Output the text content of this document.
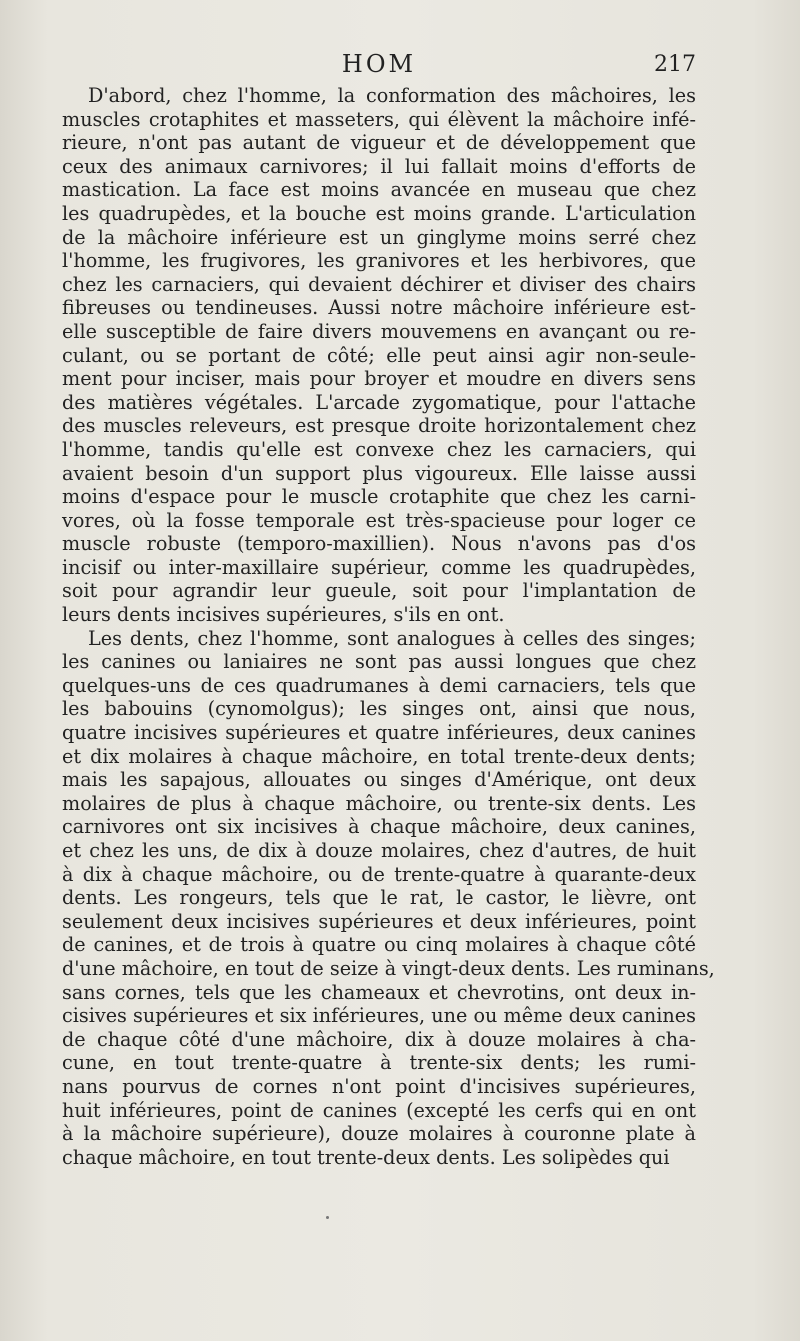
HOM	217
D'abord, chez l'homme, la conformation des mâchoires, les
muscles crotaphites et masseters, qui élèvent la mâchoire infé-
rieure, n'ont pas autant de vigueur et de développement que
ceux des animaux carnivores; il lui fallait moins d'efforts de
mastication. La face est moins avancée en museau que chez
les quadrupèdes, et la bouche est moins grande. L'articulation
de la mâchoire inférieure est un ginglyme moins serré chez
l'homme, les frugivores, les granivores et les herbivores, que
chez les carnaciers, qui devaient déchirer et diviser des chairs
fibreuses ou tendineuses. Aussi notre mâchoire inférieure est-
elle susceptible de faire divers mouvemens en avançant ou re-
culant, ou se portant de côté; elle peut ainsi agir non-seule-
ment pour inciser, mais pour broyer et moudre en divers sens
des matières végétales. L'arcade zygomatique, pour l'attache
des muscles releveurs, est presque droite horizontalement chez
l'homme, tandis qu'elle est convexe chez les carnaciers, qui
avaient besoin d'un support plus vigoureux. Elle laisse aussi
moins d'espace pour le muscle crotaphite que chez les carni-
vores, où la fosse temporale est très-spacieuse pour loger ce
muscle robuste (temporo-maxillien). Nous n'avons pas d'os
incisif ou inter-maxillaire supérieur, comme les quadrupèdes,
soit pour agrandir leur gueule, soit pour l'implantation de
leurs dents incisives supérieures, s'ils en ont.
Les dents, chez l'homme, sont analogues à celles des singes;
les canines ou laniaires ne sont pas aussi longues que chez
quelques-uns de ces quadrumanes à demi carnaciers, tels que
les babouins (cynomolgus); les singes ont, ainsi que nous,
quatre incisives supérieures et quatre inférieures, deux canines
et dix molaires à chaque mâchoire, en total trente-deux dents;
mais les sapajous, allouates ou singes d'Amérique, ont deux
molaires de plus à chaque mâchoire, ou trente-six dents. Les
carnivores ont six incisives à chaque mâchoire, deux canines,
et chez les uns, de dix à douze molaires, chez d'autres, de huit
à dix à chaque mâchoire, ou de trente-quatre à quarante-deux
dents. Les rongeurs, tels que le rat, le castor, le lièvre, ont
seulement deux incisives supérieures et deux inférieures, point
de canines, et de trois à quatre ou cinq molaires à chaque côté
d'une mâchoire, en tout de seize à vingt-deux dents. Les ruminans,
sans cornes, tels que les chameaux et chevrotins, ont deux in-
cisives supérieures et six inférieures, une ou même deux canines
de chaque côté d'une mâchoire, dix à douze molaires à cha-
cune, en tout trente-quatre à trente-six dents; les rumi-
nans pourvus de cornes n'ont point d'incisives supérieures,
huit inférieures, point de canines (excepté les cerfs qui en ont
à la mâchoire supérieure), douze molaires à couronne plate à
chaque mâchoire, en tout trente-deux dents. Les solipèdes qui
